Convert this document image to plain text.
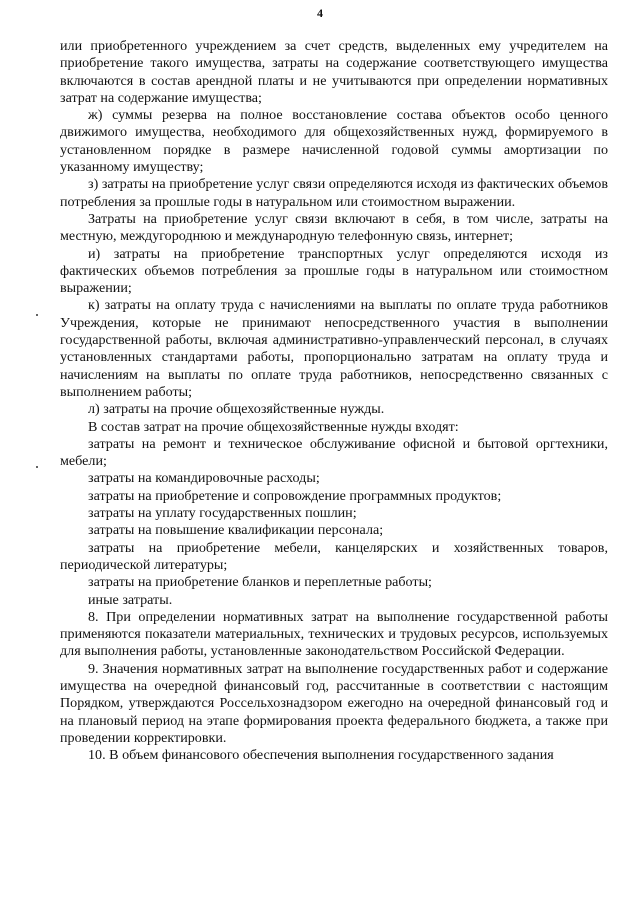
4

или приобретенного учреждением за счет средств, выделенных ему учредителем на приобретение такого имущества, затраты на содержание соответствующего имущества включаются в состав арендной платы и не учитываются при определении нормативных затрат на содержание имущества;

ж) суммы резерва на полное восстановление состава объектов особо ценного движимого имущества, необходимого для общехозяйственных нужд, формируемого в установленном порядке в размере начисленной годовой суммы амортизации по указанному имуществу;

з) затраты на приобретение услуг связи определяются исходя из фактических объемов потребления за прошлые годы в натуральном или стоимостном выражении.

Затраты на приобретение услуг связи включают в себя, в том числе, затраты на местную, междугороднюю и международную телефонную связь, интернет;

и) затраты на приобретение транспортных услуг определяются исходя из фактических объемов потребления за прошлые годы в натуральном или стоимостном выражении;

к) затраты на оплату труда с начислениями на выплаты по оплате труда работников Учреждения, которые не принимают непосредственного участия в выполнении государственной работы, включая административно-управленческий персонал, в случаях установленных стандартами работы, пропорционально затратам на оплату труда и начислениям на выплаты по оплате труда работников, непосредственно связанных с выполнением работы;

л) затраты на прочие общехозяйственные нужды.

В состав затрат на прочие общехозяйственные нужды входят:

затраты на ремонт и техническое обслуживание офисной и бытовой оргтехники, мебели;

затраты на командировочные расходы;

затраты на приобретение и сопровождение программных продуктов;

затраты на уплату государственных пошлин;

затраты на повышение квалификации персонала;

затраты на приобретение мебели, канцелярских и хозяйственных товаров, периодической литературы;

затраты на приобретение бланков и переплетные работы;

иные затраты.

8. При определении нормативных затрат на выполнение государственной работы применяются показатели материальных, технических и трудовых ресурсов, используемых для выполнения работы, установленные законодательством Российской Федерации.

9. Значения нормативных затрат на выполнение государственных работ и содержание имущества на очередной финансовый год, рассчитанные в соответствии с настоящим Порядком, утверждаются Россельхознадзором ежегодно на очередной финансовый год и на плановый период на этапе формирования проекта федерального бюджета, а также при проведении корректировки.

10. В объем финансового обеспечения выполнения государственного задания
